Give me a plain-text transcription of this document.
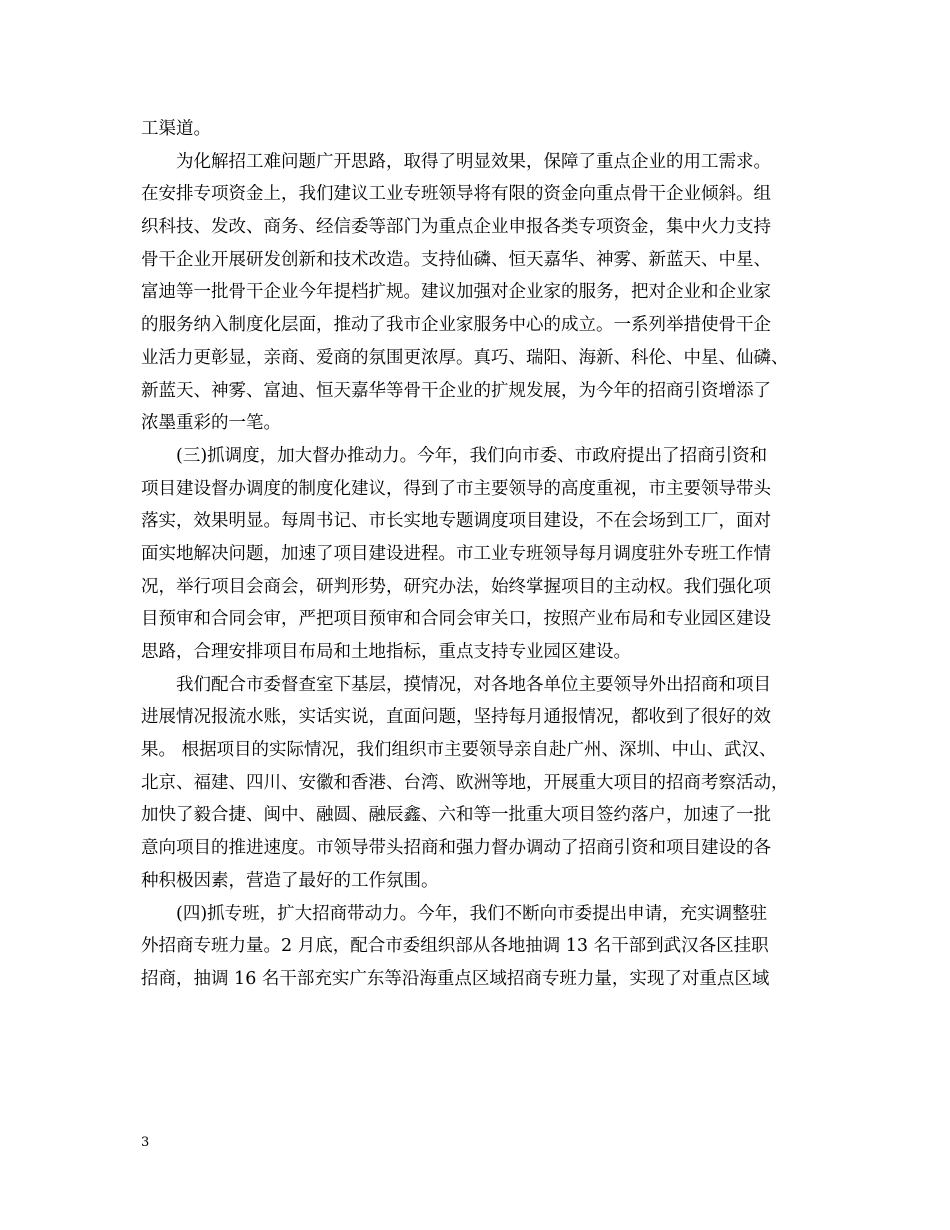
工渠道。
为化解招工难问题广开思路，取得了明显效果，保障了重点企业的用工需求。
在安排专项资金上，我们建议工业专班领导将有限的资金向重点骨干企业倾斜。组
织科技、发改、商务、经信委等部门为重点企业申报各类专项资金，集中火力支持
骨干企业开展研发创新和技术改造。支持仙磷、恒天嘉华、神雾、新蓝天、中星、
富迪等一批骨干企业今年提档扩规。建议加强对企业家的服务，把对企业和企业家
的服务纳入制度化层面，推动了我市企业家服务中心的成立。一系列举措使骨干企
业活力更彰显，亲商、爱商的氛围更浓厚。真巧、瑞阳、海新、科伦、中星、仙磷、
新蓝天、神雾、富迪、恒天嘉华等骨干企业的扩规发展，为今年的招商引资增添了
浓墨重彩的一笔。
(三)抓调度，加大督办推动力。今年，我们向市委、市政府提出了招商引资和
项目建设督办调度的制度化建议，得到了市主要领导的高度重视，市主要领导带头
落实，效果明显。每周书记、市长实地专题调度项目建设，不在会场到工厂，面对
面实地解决问题，加速了项目建设进程。市工业专班领导每月调度驻外专班工作情
况，举行项目会商会，研判形势，研究办法，始终掌握项目的主动权。我们强化项
目预审和合同会审，严把项目预审和合同会审关口，按照产业布局和专业园区建设
思路，合理安排项目布局和土地指标，重点支持专业园区建设。
我们配合市委督查室下基层，摸情况，对各地各单位主要领导外出招商和项目
进展情况报流水账，实话实说，直面问题，坚持每月通报情况，都收到了很好的效
果。 根据项目的实际情况，我们组织市主要领导亲自赴广州、深圳、中山、武汉、
北京、福建、四川、安徽和香港、台湾、欧洲等地，开展重大项目的招商考察活动，
加快了毅合捷、闽中、融圆、融辰鑫、六和等一批重大项目签约落户，加速了一批
意向项目的推进速度。市领导带头招商和强力督办调动了招商引资和项目建设的各
种积极因素，营造了最好的工作氛围。
(四)抓专班，扩大招商带动力。今年，我们不断向市委提出申请，充实调整驻
外招商专班力量。2 月底，配合市委组织部从各地抽调 13 名干部到武汉各区挂职
招商，抽调 16 名干部充实广东等沿海重点区域招商专班力量，实现了对重点区域
3
